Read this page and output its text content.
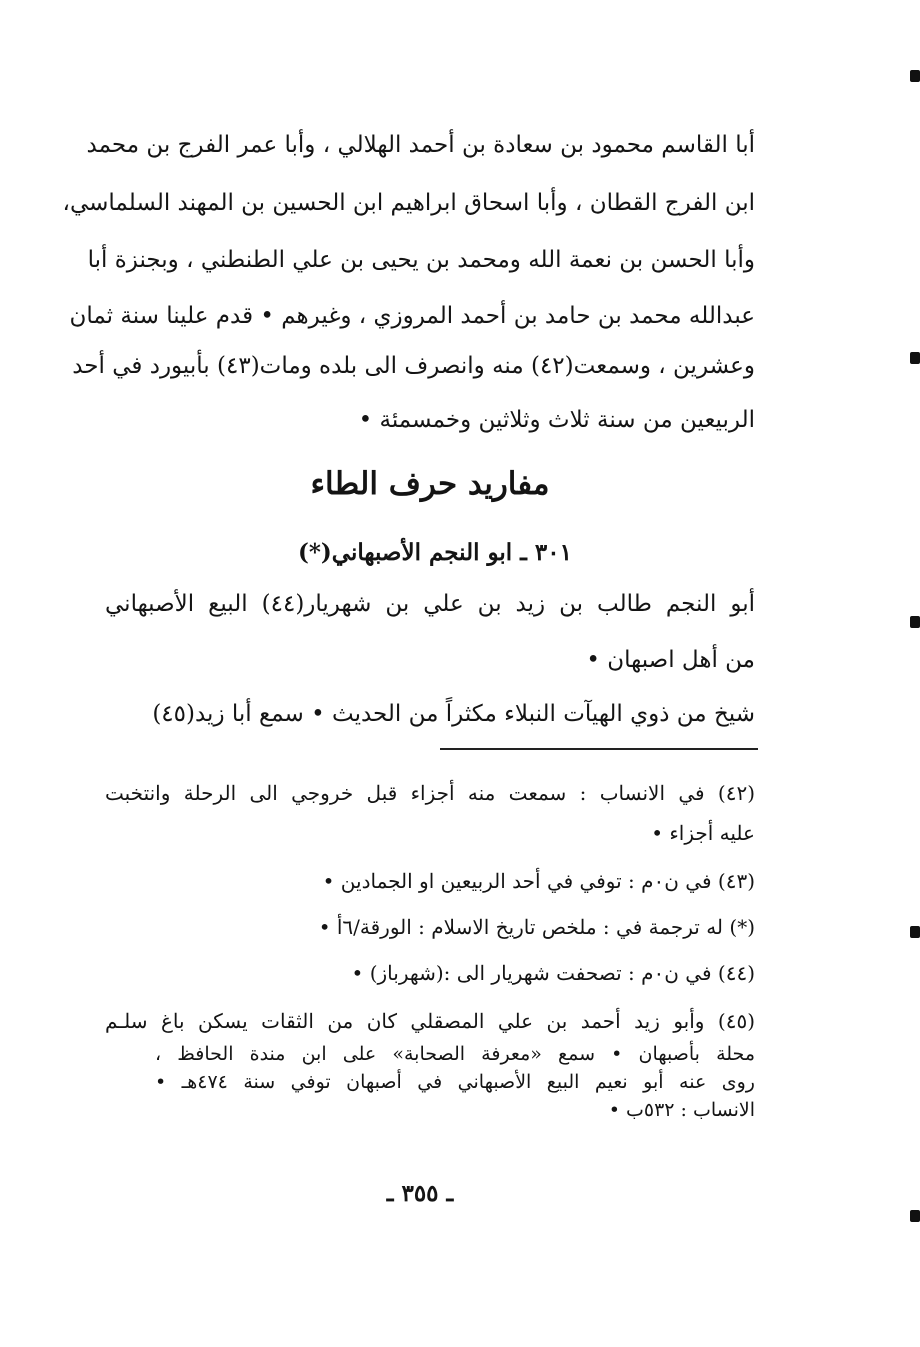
أبا القاسم محمود بن سعادة بن أحمد الهلالي ، وأبا عمر الفرج بن محمد
ابن الفرج القطان ، وأبا اسحاق ابراهيم ابن الحسين بن المهند السلماسي،
وأبا الحسن بن نعمة الله ومحمد بن يحيى بن علي الطنطني ، وبجنزة أبا
عبدالله محمد بن حامد بن أحمد المروزي ، وغيرهم • قدم علينا سنة ثمان
وعشرين ، وسمعت(٤٢) منه وانصرف الى بلده ومات(٤٣) بأبيورد في أحد
الربيعين من سنة ثلاث وثلاثين وخمسمئة •
مفاريد حرف الطاء
٣٠١ ـ ابو النجم الأصبهاني(*)
أبو النجم طالب بن زيد بن علي بن شهريار(٤٤) البيع الأصبهاني
من أهل اصبهان •
شيخ من ذوي الهيآت النبلاء مكثراً من الحديث • سمع أبا زيد(٤٥)
(٤٢) في الانساب : سمعت منه أجزاء قبل خروجي الى الرحلة وانتخبت
عليه أجزاء •
(٤٣) في ن٠م : توفي في أحد الربيعين او الجمادين •
(*) له ترجمة في : ملخص تاريخ الاسلام : الورقة/٦أ •
(٤٤) في ن٠م : تصحفت شهريار الى :(شهرباز) •
(٤٥) وأبو زيد أحمد بن علي المصقلي كان من الثقات يسكن باغ سلـم
محلة بأصبهان • سمع «معرفة الصحابة» على ابن مندة الحافظ ،
روى عنه أبو نعيم البيع الأصبهاني في أصبهان توفي سنة ٤٧٤هـ •
الانساب : ٥٣٢ب •
ـ ٣٥٥ ـ
